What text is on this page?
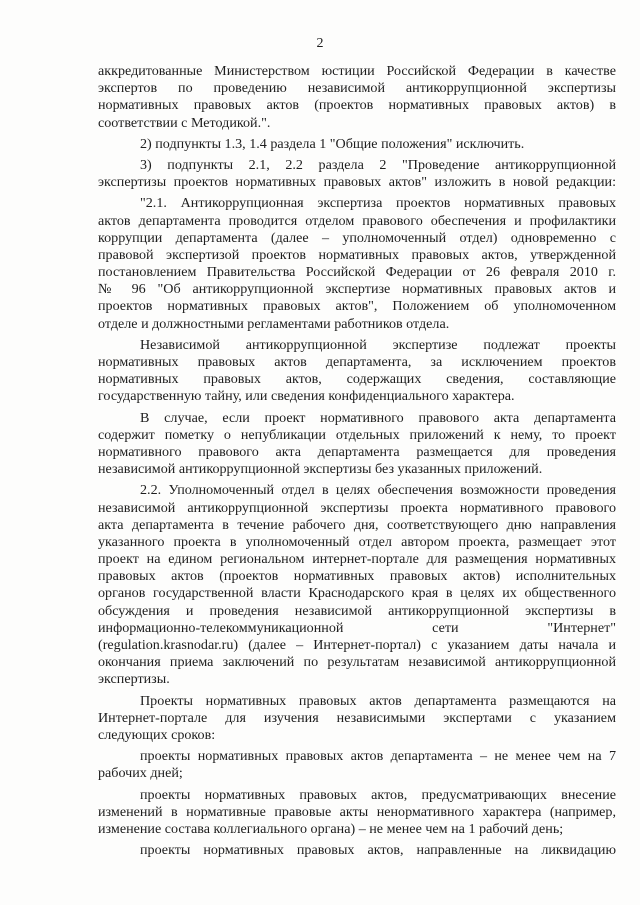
2
аккредитованные Министерством юстиции Российской Федерации в качестве
экспертов по проведению независимой антикоррупционной экспертизы
нормативных правовых актов (проектов нормативных правовых актов) в
соответствии с Методикой.".
2) подпункты 1.3, 1.4 раздела 1 "Общие положения" исключить.
3) подпункты 2.1, 2.2 раздела 2 "Проведение антикоррупционной
экспертизы проектов нормативных правовых актов" изложить в новой редакции:
"2.1. Антикоррупционная экспертиза проектов нормативных правовых
актов департамента проводится отделом правового обеспечения и профилактики
коррупции департамента (далее – уполномоченный отдел) одновременно с
правовой экспертизой проектов нормативных правовых актов, утвержденной
постановлением Правительства Российской Федерации от 26 февраля 2010 г.
№ 96 "Об антикоррупционной экспертизе нормативных правовых актов и
проектов нормативных правовых актов", Положением об уполномоченном
отделе и должностными регламентами работников отдела.
Независимой антикоррупционной экспертизе подлежат проекты
нормативных правовых актов департамента, за исключением проектов
нормативных правовых актов, содержащих сведения, составляющие
государственную тайну, или сведения конфиденциального характера.
В случае, если проект нормативного правового акта департамента
содержит пометку о непубликации отдельных приложений к нему, то проект
нормативного правового акта департамента размещается для проведения
независимой антикоррупционной экспертизы без указанных приложений.
2.2. Уполномоченный отдел в целях обеспечения возможности проведения
независимой антикоррупционной экспертизы проекта нормативного правового
акта департамента в течение рабочего дня, соответствующего дню направления
указанного проекта в уполномоченный отдел автором проекта, размещает этот
проект на едином региональном интернет-портале для размещения нормативных
правовых актов (проектов нормативных правовых актов) исполнительных
органов государственной власти Краснодарского края в целях их общественного
обсуждения и проведения независимой антикоррупционной экспертизы в
информационно-телекоммуникационной сети "Интернет"
(regulation.krasnodar.ru) (далее – Интернет-портал) с указанием даты начала и
окончания приема заключений по результатам независимой антикоррупционной
экспертизы.
Проекты нормативных правовых актов департамента размещаются на
Интернет-портале для изучения независимыми экспертами с указанием
следующих сроков:
проекты нормативных правовых актов департамента – не менее чем на 7
рабочих дней;
проекты нормативных правовых актов, предусматривающих внесение
изменений в нормативные правовые акты ненормативного характера (например,
изменение состава коллегиального органа) – не менее чем на 1 рабочий день;
проекты нормативных правовых актов, направленные на ликвидацию
